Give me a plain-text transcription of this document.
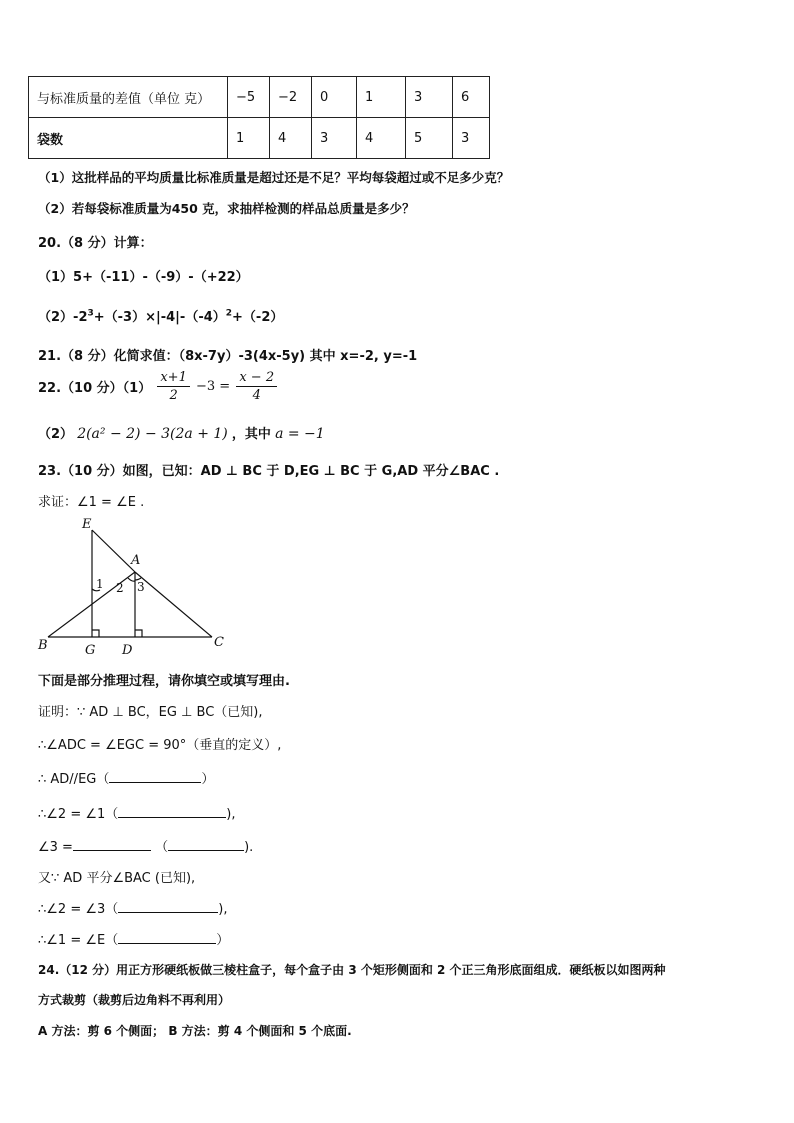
与标准质量的差值（单位 克）	−5	−2	0	1	3	6
袋数	1	4	3	4	5	3
（1）这批样品的平均质量比标准质量是超过还是不足？平均每袋超过或不足多少克？
（2）若每袋标准质量为450 克，求抽样检测的样品总质量是多少？
20.（8 分）计算：
（1）5+（-11）-（-9）-（+22）
$(2)-2^3+(-3)\times|-4|-(-4)^2+(-2)$
21.（8 分）化简求值：（8x-7y）-3(4x-5y) 其中 x=-2, y=-1
22.（10 分）$(1) \frac{x+1}{2} -3 = \frac{x - 2}{4}$
（2） 2(a² − 2) − 3(2a + 1) ，其中 a = −1
23.（10 分）如图，已知：AD ⊥ BC 于 D,EG ⊥ BC 于 G,AD 平分∠BAC .
求证：∠1 = ∠E .
E
A
B	C
G D
1 2 3
下面是部分推理过程，请你填空或填写理由.
证明：∵ AD ⊥ BC，EG ⊥ BC（已知),
∴∠ADC = ∠EGC = 90°（垂直的定义）,
∴ AD//EG（	）
∴∠2 = ∠1（	),
∠3 =	（	).
又∵ AD 平分∠BAC (已知),
∴∠2 = ∠3（	),
∴∠1 = ∠E（	）
24.（12 分）用正方形硬纸板做三棱柱盒子，每个盒子由 3 个矩形侧面和 2 个正三角形底面组成．硬纸板以如图两种
方式裁剪（裁剪后边角料不再利用）
A 方法：剪 6 个侧面； B 方法：剪 4 个侧面和 5 个底面.
